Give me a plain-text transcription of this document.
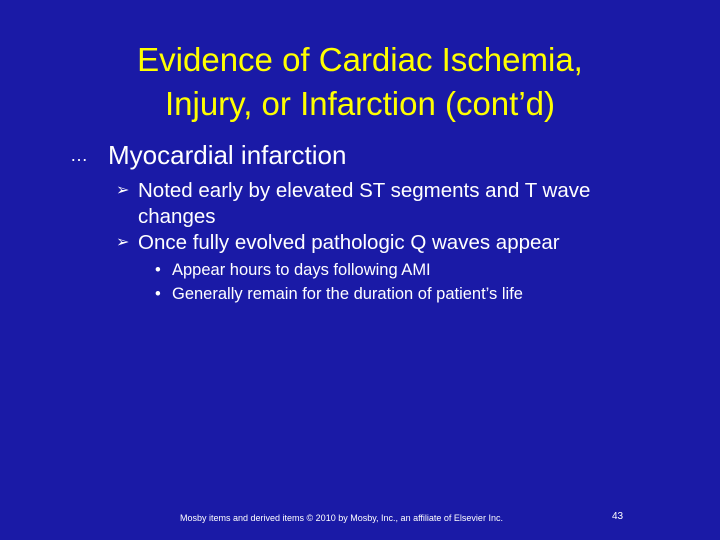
Evidence of Cardiac Ischemia,
Injury, or Infarction (cont’d)
… Myocardial infarction
➢ Noted early by elevated ST segments and T wave changes
➢ Once fully evolved pathologic Q waves appear
• Appear hours to days following AMI
• Generally remain for the duration of patient’s life
Mosby items and derived items © 2010 by Mosby, Inc., an affiliate of Elsevier Inc.	43
